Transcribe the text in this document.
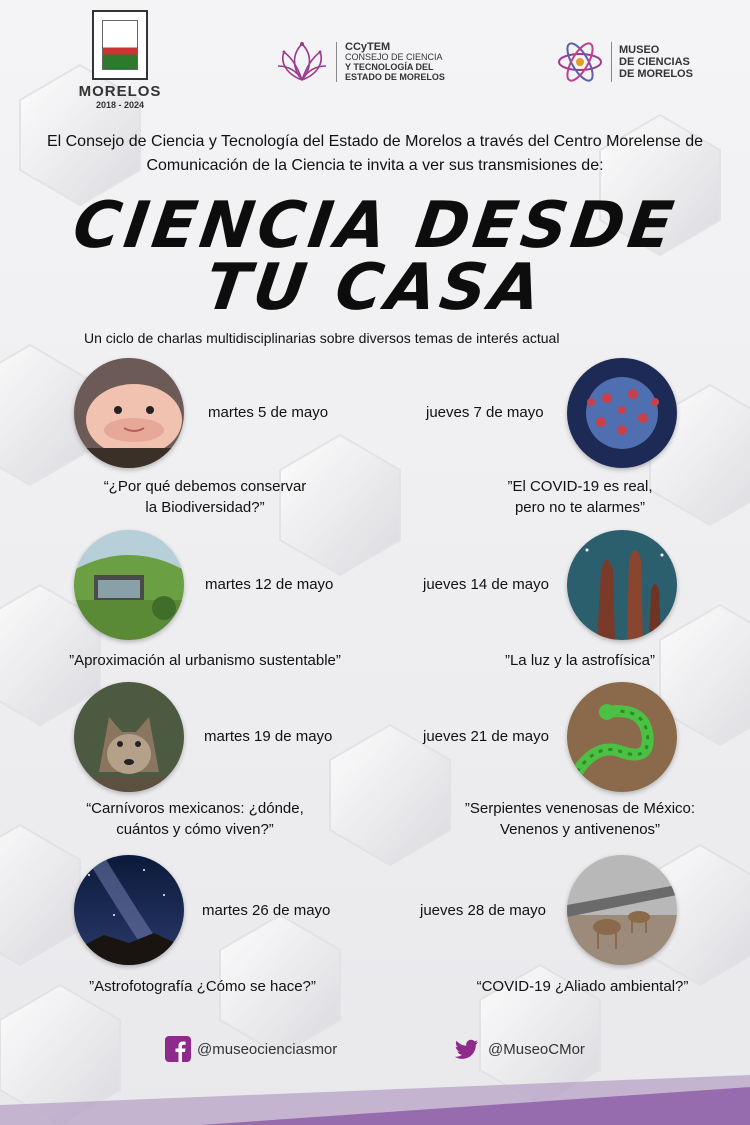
MORELOS
2018 - 2024
CCyTEM
CONSEJO DE CIENCIA
Y TECNOLOGÍA DEL
ESTADO DE MORELOS
MUSEO
DE CIENCIAS
DE MORELOS

El Consejo de Ciencia y Tecnología del Estado de Morelos a través del Centro Morelense de
Comunicación de la Ciencia te invita a ver sus transmisiones de:

CIENCIA DESDE
TU CASA
Un ciclo de charlas multidisciplinarias sobre diversos temas de interés actual
martes 5 de mayo

“¿Por qué debemos conservar
la Biodiversidad?”

jueves 7 de mayo

”El COVID-19 es real,
pero no te alarmes”

martes 12 de mayo

”Aproximación al urbanismo sustentable”

jueves 14 de mayo

”La luz y la astrofísica”

martes 19 de mayo

“Carnívoros mexicanos: ¿dónde,
cuántos y cómo viven?”

jueves 21 de mayo

”Serpientes venenosas de México:
Venenos y antivenenos”

martes 26 de mayo

”Astrofotografía ¿Cómo se hace?”

jueves 28 de mayo

“COVID-19 ¿Aliado ambiental?”

@museocienciasmor	@MuseoCMor
